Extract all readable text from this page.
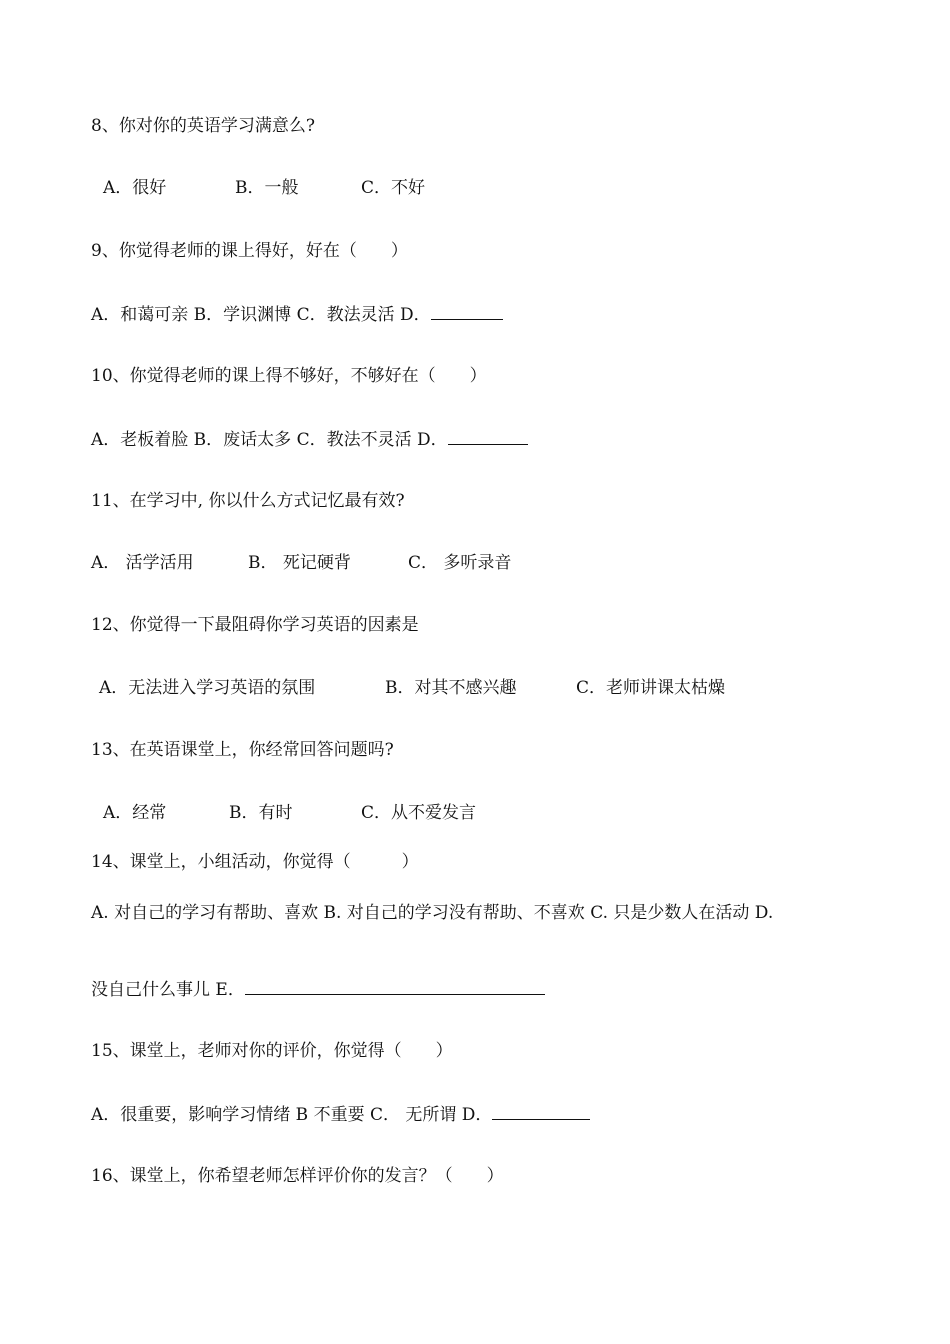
8、你对你的英语学习满意么?
A．很好	B．一般	C．不好
9、你觉得老师的课上得好，好在（　　）
A．和蔼可亲 B．学识渊博 C．教法灵活 D．
10、你觉得老师的课上得不够好，不够好在（　　）
A．老板着脸 B．废话太多 C．教法不灵活 D．
11、在学习中, 你以什么方式记忆最有效?
A． 活学活用	B． 死记硬背	C． 多听录音
12、你觉得一下最阻碍你学习英语的因素是
A．无法进入学习英语的氛围	B．对其不感兴趣	C．老师讲课太枯燥
13、在英语课堂上，你经常回答问题吗?
A．经常	B．有时	C．从不爱发言
14、课堂上，小组活动，你觉得（　　　）
A. 对自己的学习有帮助、喜欢 B. 对自己的学习没有帮助、不喜欢 C. 只是少数人在活动 D.
没自己什么事儿 E．
15、课堂上，老师对你的评价，你觉得（　　）
A．很重要，影响学习情绪 B 不重要 C． 无所谓 D．
16、课堂上，你希望老师怎样评价你的发言？（　　）
